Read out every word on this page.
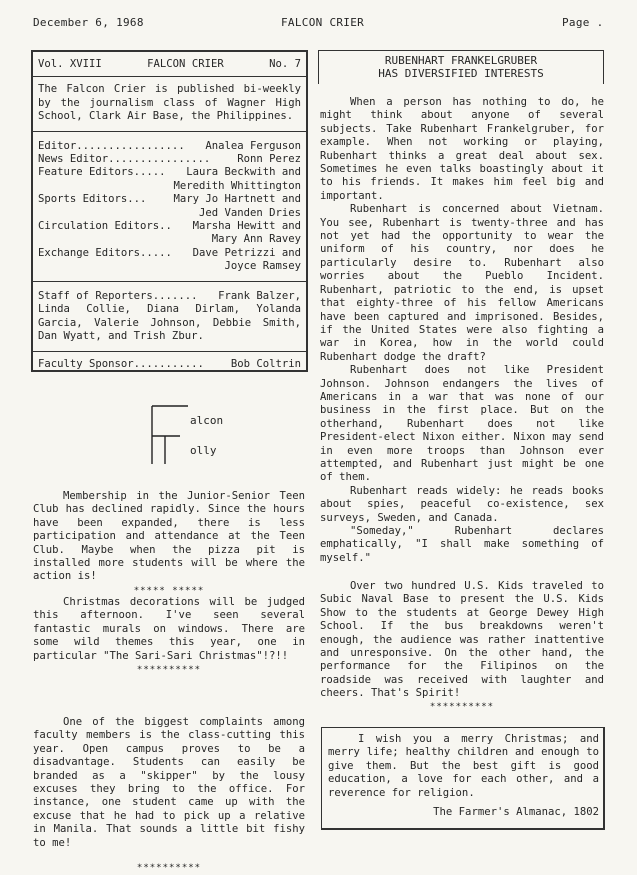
December 6, 1968	FALCON CRIER	Page .
Vol. XVIII	FALCON CRIER	No. 7

The Falcon Crier is published bi-weekly by the journalism class of Wagner High School, Clark Air Base, the Philippines.

Editor................. Analea Ferguson
News Editor................	Ronn Perez
Feature Editors..... Laura Beckwith and
Meredith Whittington
Sports Editors...	Mary Jo Hartnett and
Jed Vanden Dries
Circulation Editors.. Marsha Hewitt and
Mary Ann Ravey
Exchange Editors..... Dave Petrizzi and
Joyce Ramsey
Staff of Reporters....... Frank Balzer,

Linda Collie, Diana Dirlam, Yolanda Garcia, Valerie Johnson, Debbie Smith, Dan Wyatt, and Trish Zbur.

Faculty Sponsor...........	Bob Coltrin
alcon
olly

Membership in the Junior-Senior Teen Club has declined rapidly. Since the hours have been expanded, there is less participation and attendance at the Teen Club. Maybe when the pizza pit is installed more students will be where the action is!

***** *****

Christmas decorations will be judged this afternoon. I've seen several fantastic murals on windows. There are some wild themes this year, one in particular "The Sari-Sari Christmas"!?!!

**********

One of the biggest complaints among faculty members is the class-cutting this year. Open campus proves to be a disadvantage. Students can easily be branded as a "skipper" by the lousy excuses they bring to the office. For instance, one student came up with the excuse that he had to pick up a relative in Manila. That sounds a little bit fishy to me!

**********
RUBENHART FRANKELGRUBER
HAS DIVERSIFIED INTERESTS

When a person has nothing to do, he might think about anyone of several subjects. Take Rubenhart Frankelgruber, for example. When not working or playing, Rubenhart thinks a great deal about sex. Sometimes he even talks boastingly about it to his friends. It makes him feel big and important.

Rubenhart is concerned about Vietnam. You see, Rubenhart is twenty-three and has not yet had the opportunity to wear the uniform of his country, nor does he particularly desire to. Rubenhart also worries about the Pueblo Incident. Rubenhart, patriotic to the end, is upset that eighty-three of his fellow Americans have been captured and imprisoned. Besides, if the United States were also fighting a war in Korea, how in the world could Rubenhart dodge the draft?

Rubenhart does not like President Johnson. Johnson endangers the lives of Americans in a war that was none of our business in the first place. But on the otherhand, Rubenhart does not like President-elect Nixon either. Nixon may send in even more troops than Johnson ever attempted, and Rubenhart just might be one of them.

Rubenhart reads widely: he reads books about spies, peaceful co-existence, sex surveys, Sweden, and Canada.

"Someday," Rubenhart declares emphatically, "I shall make something of myself."

Over two hundred U.S. Kids traveled to Subic Naval Base to present the U.S. Kids Show to the students at George Dewey High School. If the bus breakdowns weren't enough, the audience was rather inattentive and unresponsive. On the other hand, the performance for the Filipinos on the roadside was received with laughter and cheers. That's Spirit!

**********

I wish you a merry Christmas; and merry life; healthy children and enough to give them. But the best gift is good education, a love for each other, and a reverence for religion.

The Farmer's Almanac, 1802
